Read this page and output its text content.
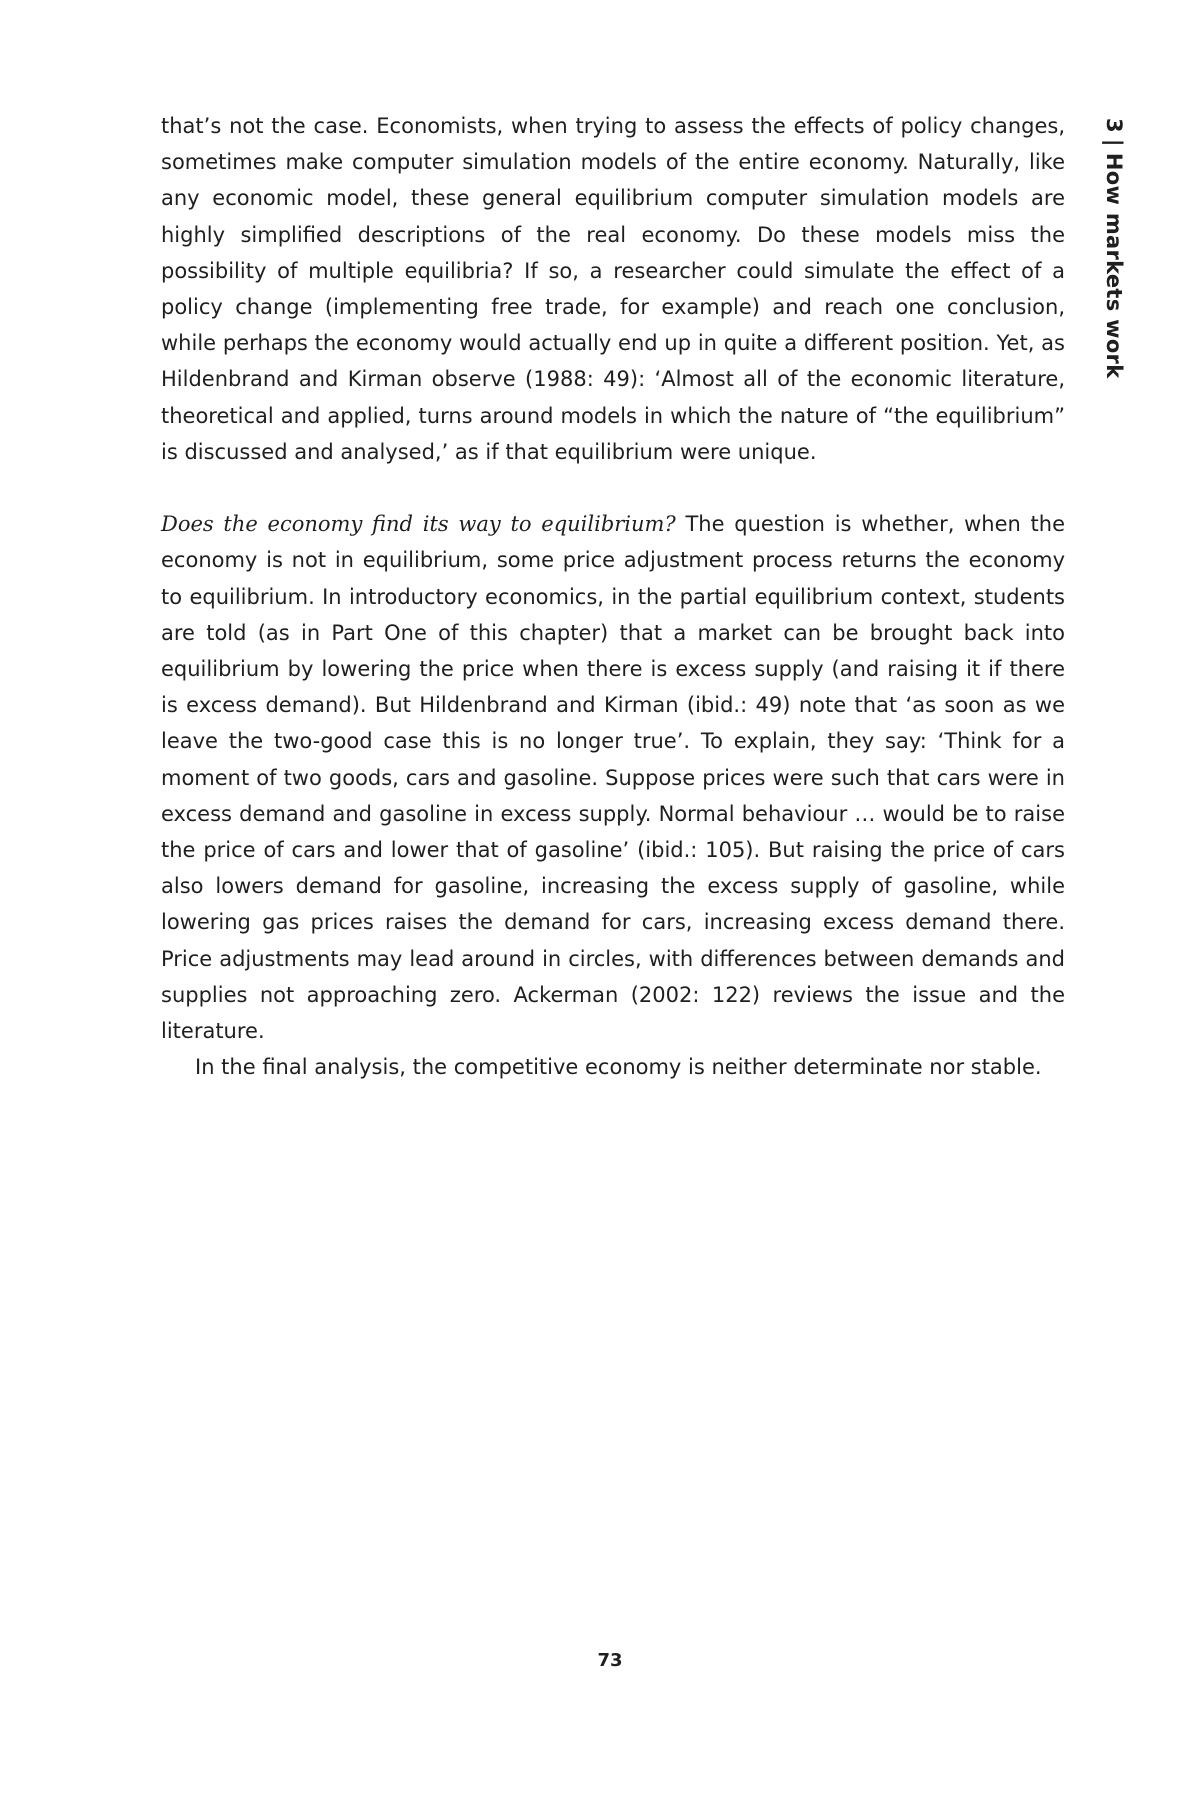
3|How markets work

that’s not the case. Economists, when trying to assess the effects of policy changes, sometimes make computer simulation models of the entire economy. Naturally, like any economic model, these general equilibrium computer simulation models are highly simplified descriptions of the real economy. Do these models miss the possibility of multiple equilibria? If so, a researcher could simulate the effect of a policy change (implementing free trade, for example) and reach one conclusion, while perhaps the economy would actually end up in quite a different position. Yet, as Hildenbrand and Kirman observe (1988: 49): ‘Almost all of the economic literature, theoretical and applied, turns around models in which the nature of “the equilibrium” is discussed and analysed,’ as if that equilibrium were unique.

Does the economy find its way to equilibrium? The question is whether, when the economy is not in equilibrium, some price adjustment process returns the economy to equilibrium. In introductory economics, in the partial equilibrium context, students are told (as in Part One of this chapter) that a market can be brought back into equilibrium by lowering the price when there is excess supply (and raising it if there is excess demand). But Hildenbrand and Kirman (ibid.: 49) note that ‘as soon as we leave the two-good case this is no longer true’. To explain, they say: ‘Think for a moment of two goods, cars and gasoline. Suppose prices were such that cars were in excess demand and gasoline in excess supply. Normal behaviour … would be to raise the price of cars and lower that of gasoline’ (ibid.: 105). But raising the price of cars also lowers demand for gasoline, increasing the excess supply of gasoline, while lowering gas prices raises the demand for cars, increasing excess demand there. Price adjustments may lead around in circles, with differences between demands and supplies not approaching zero. Ackerman (2002: 122) reviews the issue and the literature.

In the final analysis, the competitive economy is neither determinate nor stable.

73
